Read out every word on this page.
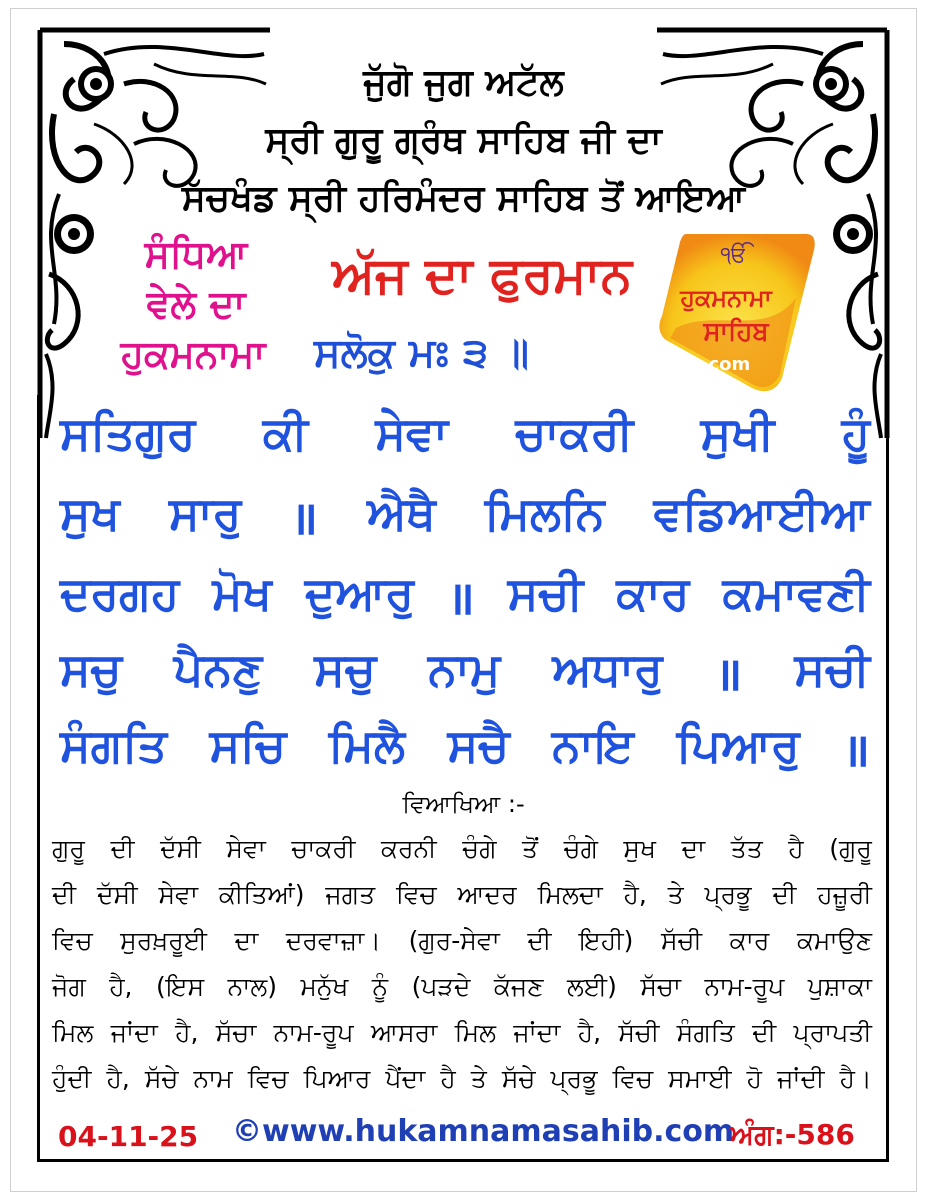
ਜੁੱਗੋ ਜੁਗ ਅਟੱਲ
ਸ੍ਰੀ ਗੁਰੂ ਗ੍ਰੰਥ ਸਾਹਿਬ ਜੀ ਦਾ
ਸੱਚਖੰਡ ਸ੍ਰੀ ਹਰਿਮੰਦਰ ਸਾਹਿਬ ਤੋਂ ਆਇਆ
ਸੰਧਿਆ
ਵੇਲੇ ਦਾ
ਹੁਕਮਨਾਮਾ
ਅੱਜ ਦਾ ਫੁਰਮਾਨ
ਸਲੋਕੁ ਮਃ ੩ ॥
ੴ
ਹੁਕਮਨਾਮਾ
ਸਾਹਿਬ
.com
ਸਤਿਗੁਰ ਕੀ ਸੇਵਾ ਚਾਕਰੀ ਸੁਖੀ ਹੂੰ
ਸੁਖ ਸਾਰੁ ॥ ਐਥੈ ਮਿਲਨਿ ਵਡਿਆਈਆ
ਦਰਗਹ ਮੋਖ ਦੁਆਰੁ ॥ ਸਚੀ ਕਾਰ ਕਮਾਵਣੀ
ਸਚੁ ਪੈਨਣੁ ਸਚੁ ਨਾਮੁ ਅਧਾਰੁ ॥ ਸਚੀ
ਸੰਗਤਿ ਸਚਿ ਮਿਲੈ ਸਚੈ ਨਾਇ ਪਿਆਰੁ ॥
ਵਿਆਖਿਆ :-
ਗੁਰੂ ਦੀ ਦੱਸੀ ਸੇਵਾ ਚਾਕਰੀ ਕਰਨੀ ਚੰਗੇ ਤੋਂ ਚੰਗੇ ਸੁਖ ਦਾ ਤੱਤ ਹੈ (ਗੁਰੂ
ਦੀ ਦੱਸੀ ਸੇਵਾ ਕੀਤਿਆਂ) ਜਗਤ ਵਿਚ ਆਦਰ ਮਿਲਦਾ ਹੈ, ਤੇ ਪ੍ਰਭੂ ਦੀ ਹਜ਼ੂਰੀ
ਵਿਚ ਸੁਰਖ਼ਰੂਈ ਦਾ ਦਰਵਾਜ਼ਾ। (ਗੁਰ-ਸੇਵਾ ਦੀ ਇਹੀ) ਸੱਚੀ ਕਾਰ ਕਮਾਉਣ
ਜੋਗ ਹੈ, (ਇਸ ਨਾਲ) ਮਨੁੱਖ ਨੂੰ (ਪੜਦੇ ਕੱਜਣ ਲਈ) ਸੱਚਾ ਨਾਮ-ਰੂਪ ਪੁਸ਼ਾਕਾ
ਮਿਲ ਜਾਂਦਾ ਹੈ, ਸੱਚਾ ਨਾਮ-ਰੂਪ ਆਸਰਾ ਮਿਲ ਜਾਂਦਾ ਹੈ, ਸੱਚੀ ਸੰਗਤਿ ਦੀ ਪ੍ਰਾਪਤੀ
ਹੁੰਦੀ ਹੈ, ਸੱਚੇ ਨਾਮ ਵਿਚ ਪਿਆਰ ਪੈਂਦਾ ਹੈ ਤੇ ਸੱਚੇ ਪ੍ਰਭੂ ਵਿਚ ਸਮਾਈ ਹੋ ਜਾਂਦੀ ਹੈ।
04-11-25 ©www.hukamnamasahib.com
ਅੰਗ:-586
